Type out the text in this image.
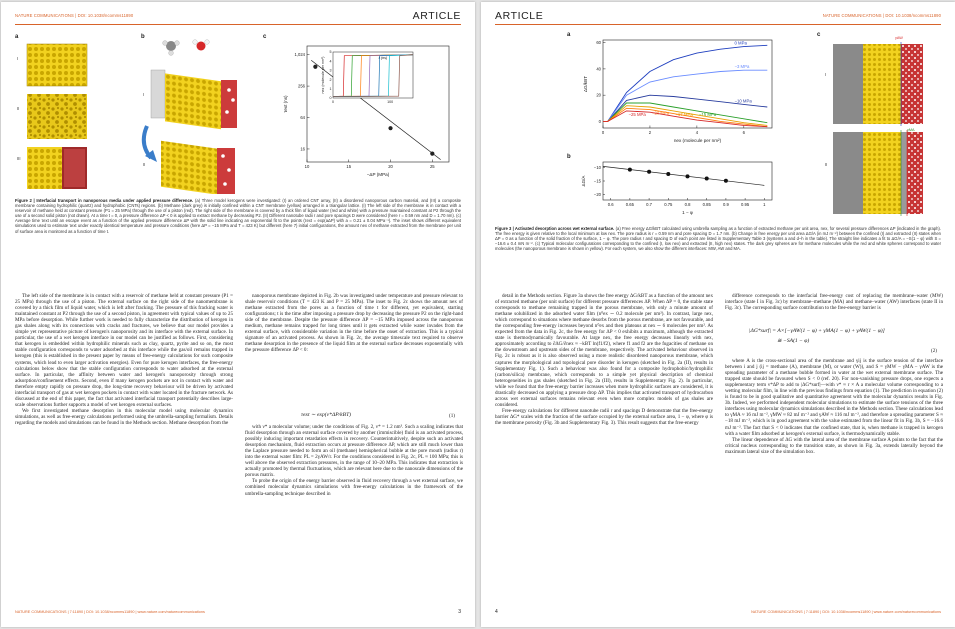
NATURE COMMUNICATIONS | DOI: 10.1038/ncomms11890	ARTICLE
a
I
II
III
b
I
II
c
10	15	20	25
1,024
256
64
16
−ΔP (MPa)
τext (ns)	0	100
0
1
2
3
4
5
t (ns)
nex (molecule per nm²)
Figure 2 | Interfacial transport in nanoporous media under applied pressure difference. (a) Three model kerogens were investigated: (I) an ordered CNT array, (II) a disordered nanoporous carbon material, and (III) a composite membrane containing hydrophilic (quartz) and hydrophobic (CNTs) regions. (b) Methane (dark grey) is initially confined within a CNT membrane (yellow) arranged in a triangular lattice. (I) The left side of the membrane is in contact with a reservoir of methane held at constant pressure (P1 = 25 MPa) through the use of a piston (red). The right side of the membrane is covered by a thick film of liquid water (red and white) with a pressure maintained constant at P2 through the use of a second solid piston (not drawn). At a time t = 0, a pressure difference ΔP < 0 is applied to extract methane by decreasing P2. (II) Different nanotube radii r and pore spacings D were considered (here r = 0.59 nm and D = 1.70 nm). (c) Average time τext until an escape event as a function of the applied pressure difference ΔP with the solid line indicating an exponential fit to the points (τext = exp(aΔP) with a = 0.21 ± 0.04 MPa⁻¹). The inset shows different equivalent simulations used to estimate τext under exactly identical temperature and pressure conditions (here ΔP = −15 MPa and T = 423 K) but different (here 7) initial configurations, the amount nex of methane extracted from the membrane per unit of surface area is monitored as a function of time t.

The left side of the membrane is in contact with a reservoir of methane held at constant pressure (P1 = 25 MPa) through the use of a piston. The external surface on the right side of the nanomembrane is covered by a thick film of liquid water, which is left after fracking. The pressure of this fracking water is maintained constant at P2 through the use of a second piston, in agreement with typical values of up to 25 MPa before desorption. While further work is needed to fully characterize the distribution of kerogen in gas shales along with its connections with cracks and fractures, we believe that our model provides a simple yet representative picture of kerogen's nanoporosity and its interface with the external surface. In particular, the use of a wet kerogen interface in our model can be justified as follows. First, considering that kerogen is embedded within hydrophilic minerals such as clay, quartz, pyrite and so on, the most stable configuration corresponds to water adsorbed at this interface while the gas/oil remains trapped in kerogen (this is established in the present paper by means of free-energy calculations for such composite systems, which lead to even larger activation energies). Even for pure kerogen interfaces, the free-energy calculations below show that the stable configuration corresponds to water adsorbed at the external surface. In particular, the affinity between water and kerogen's nanoporosity through strong adsorption/confinement effects. Second, even if many kerogen pockets are not in contact with water and therefore empty rapidly on pressure drop, the long-time recovery behaviour will be driven by activated interfacial transport of gas at wet kerogen pockets in contact with water located in the fracture network. As discussed at the end of this paper, the fact that activated interfacial transport potentially describes large-scale observations further supports a model of wet kerogen external surfaces.

We first investigated methane desorption in this molecular model using molecular dynamics simulations, as well as free-energy calculations performed using the umbrella-sampling formalism. Details regarding the models and simulations can be found in the Methods section. Methane desorption from the

nanoporous membrane depicted in Fig. 2b was investigated under temperature and pressure relevant to shale reservoir conditions (T = 423 K and P = 25 MPa). The inset to Fig. 2c shows the amount nex of methane extracted from the pores as a function of time t for different, yet equivalent, starting configurations; t is the time after imposing a pressure drop by decreasing the pressure P2 on the right-hand side of the membrane. Despite the pressure difference ΔP = −15 MPa imposed across the nanoporous medium, methane remains trapped for long times until it gets extracted while water invades from the external surface, with considerable variation in the time before the onset of extraction. This is a typical signature of an activated process. As shown in Fig. 2c, the average timescale τext required to observe methane desorption in the presence of the liquid film at the external surface decreases exponentially with the pressure difference ΔP < 0:

τext ∼ exp(ν*ΔP/kBT)	(1)

with ν* a molecular volume; under the conditions of Fig. 2, ν* = 1.2 nm³. Such a scaling indicates that fluid desorption through an external surface covered by another (immiscible) fluid is an activated process, possibly inducing important retardation effects in recovery. Counterintuitively, despite such an activated desorption mechanism, fluid extraction occurs at pressure difference ΔP, which are still much lower than the Laplace pressure needed to form an oil (methane) hemispherical bubble at the pore mouth (radius r) into the external water film: PL = 2γAW/r. For the conditions considered in Fig. 2c, PL ≈ 100 MPa; this is well above the observed extraction pressures, in the range of 10–20 MPa. This indicates that extraction is actually promoted by thermal fluctuations, which are relevant here due to the nanoscale dimensions of the porous matrix.

To probe the origin of the energy barrier observed in fluid recovery through a wet external surface, we combined molecular dynamics simulations with free-energy calculations in the framework of the umbrella-sampling technique described in

NATURE COMMUNICATIONS | 7:11890 | DOI: 10.1038/ncomms11890 | www.nature.com/naturecommunications	3
ARTICLE	NATURE COMMUNICATIONS | DOI: 10.1038/ncomms11890
a
0	2	4	6
60
40
20
0
nex (molecule per nm²)
ΔG/kBT
0 MPa
−3 MPa
−10 MPa
−15 MPa
−17 MPa
−20 MPa
−25 MPa
b
0.6	0.65	0.7	0.75	0.8	0.85	0.9	0.95	1
−20
−15
−10
1 − φ
ΔG/A
c
I
II
γAW
γMA
Figure 3 | Activated desorption across wet external surface. (a) Free energy ΔG/kBT calculated using umbrella sampling as a function of extracted methane per unit area, nex, for several pressure differences ΔP (indicated in the graph). The free energy is given relative to the local minimum at low nex. The pore radius is r = 0.59 nm and pore spacing D = 1.7 nm. (b) Change in free energy per unit area ΔG/A (in mJ m⁻²) between the confined (I) and extracted (II) states when ΔP = 0 as a function of the solid fraction of the surface, 1 − φ. The pore radius r and spacing D of each point are listed in Supplementary Table 3 (systems a and d–h in the table). The straight line indicates a fit to ΔG/A = −S(1 − φ) with S = −16.6 ± 0.4 mN m⁻². (c) Typical molecular configurations corresponding to the confined (I, low nex) and extracted (II, high nex) states. The dark grey spheres are for methane molecules while the red and white spheres correspond to water molecules (the nanoporous membrane is shown in yellow). For each system, we also show the different interfaces: MW, AW and MA.

detail in the Methods section. Figure 3a shows the free energy ΔG/kBT as a function of the amount nex of extracted methane (per unit surface) for different pressure differences ΔP. When ΔP = 0, the stable state corresponds to methane remaining trapped in the porous membrane, with only a minute amount of methane solubilized in the adsorbed water film (n⁰ex ∼ 0.2 molecule per nm²). In contrast, large nex, which correspond to situations where methane desorbs from the porous membrane, are not favourable, and the corresponding free-energy increases beyond n⁰ex and then plateaus at nex ∼ 6 molecules per nm². As expected from the data in Fig. 2c, the free energy for ΔP < 0 exhibits a maximum, although the extracted state is thermodynamically favourable. At large nex, the free energy decreases linearly with nex, approximately according to ∂ΔG/∂nex ≈ −kBT ln(f1/f2), where f1 and f2 are the fugacities of methane on the downstream and upstream sides of the membrane, respectively. The activated behaviour observed in Fig. 2c is robust as it is also observed using a more realistic disordered nanoporous membrane, which captures the morphological and topological pore disorder in kerogen (sketched in Fig. 2a (II), results in Supplementary Fig. 1). Such a behaviour was also found for a composite hydrophobic/hydrophilic (carbon/silica) membrane, which corresponds to a simple yet physical description of chemical heterogeneities in gas shales (sketched in Fig. 2a (III), results in Supplementary Fig. 2). In particular, while we found that the free-energy barrier increases when more hydrophilic surfaces are considered, it is drastically decreased on applying a pressure drop ΔP. This implies that activated transport of hydrocarbon across wet external surfaces remains relevant even when more complex models of gas shales are considered.

Free-energy calculations for different nanotube radii r and spacings D demonstrate that the free-energy barrier ΔG* scales with the fraction of the surface occupied by the external surface area, 1 − φ, where φ is the membrane porosity (Fig. 3b and Supplementary Fig. 3). This result suggests that the free-energy

difference corresponds to the interfacial free-energy cost of replacing the membrane–water (MW) interface (state I in Fig. 3c) by membrane–methane (MA) and methane–water (AW) interfaces (state II in Fig. 3c). The corresponding surface contribution to the free-energy barrier is

|ΔG*surf| = A×[−γAW(1 − φ) + γMA(1 − φ) + γAW(1 − φ)]
≅ −SA(1 − φ)
(2)

where A is the cross-sectional area of the membrane and γij is the surface tension of the interface between i and j (ij = methane (A), membrane (M), or water (W)), and S = γMW − γMA − γAW is the spreading parameter of a methane bubble formed in water at the wet external membrane surface. The trapped state should be favoured when S < 0 (ref. 20). For non-vanishing pressure drops, one expects a supplementary term ν*ΔP to add to |ΔG*surf|—with ν* ≈ r × A a molecular volume corresponding to a wetting molecular film, in line with the previous findings from equation (1). The prediction in equation (2) is found to be in good qualitative and quantitative agreement with the molecular dynamics results in Fig. 3b. Indeed, we performed independent molecular simulations to estimate the surface tensions of the three interfaces using molecular dynamics simulations described in the Methods section. These calculations lead to γMA ≈ 16 mJ m⁻², γMW ≈ 82 mJ m⁻² and γAW ≈ 116 mJ m⁻², and therefore a spreading parameter S ≈ −18 mJ m⁻², which is in good agreement with the value estimated from the linear fit in Fig. 3b, S = −16.6 mJ m⁻². The fact that S < 0 indicates that the confined state, that is, when methane is trapped in kerogen with a water film adsorbed at kerogen's external surface, is thermodynamically stable.

The linear dependence of ΔG with the lateral area of the membrane surface A points to the fact that the critical nucleus corresponding to the transition state, as shown in Fig. 3a, extends laterally beyond the maximum lateral size of the simulation box.

4	NATURE COMMUNICATIONS | 7:11890 | DOI: 10.1038/ncomms11890 | www.nature.com/naturecommunications
